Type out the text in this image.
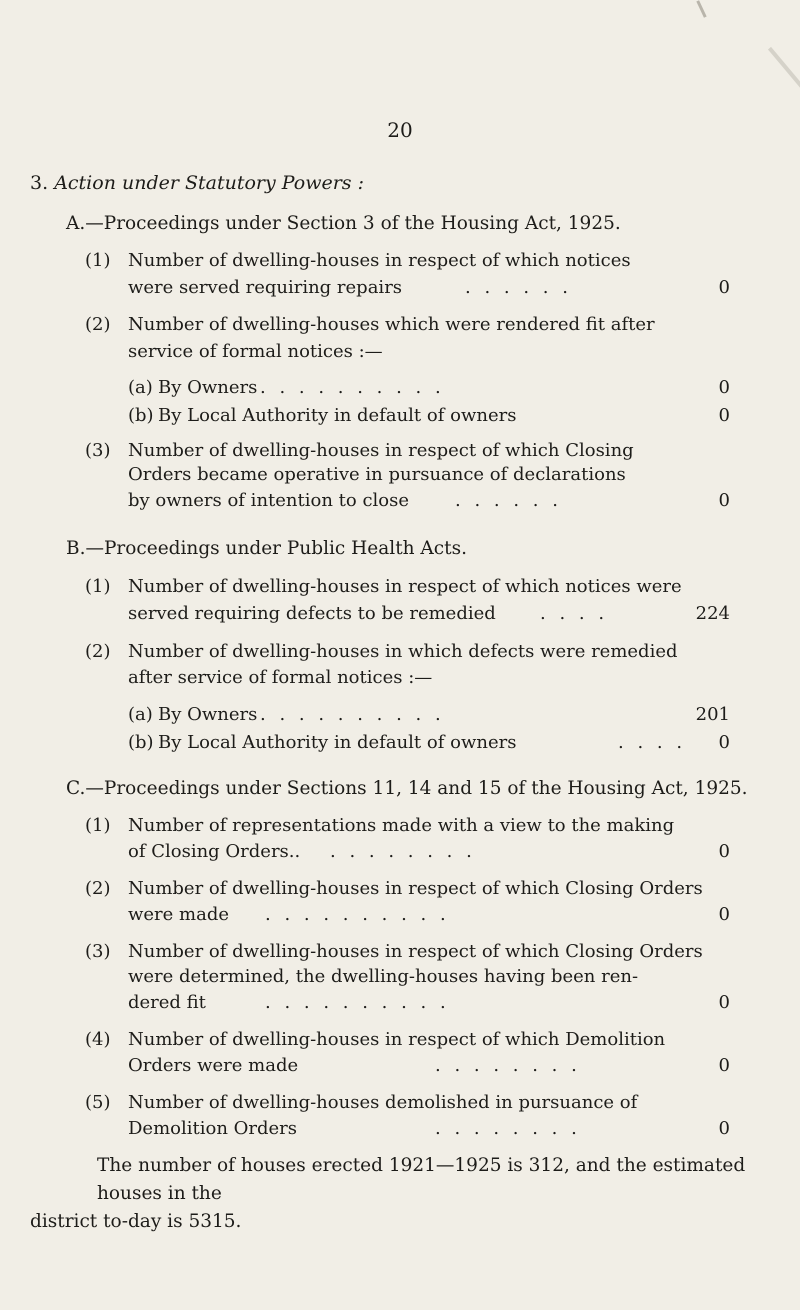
20
3. Action under Statutory Powers :
A.—Proceedings under Section 3 of the Housing Act, 1925.
(1) Number of dwelling-houses in respect of which notices
were served requiring repairs	. . . . . .	0
(2) Number of dwelling-houses which were rendered fit after
service of formal notices :—
(a) By Owners . . . . . . . . . .	0
(b) By Local Authority in default of owners	0
(3) Number of dwelling-houses in respect of which Closing
Orders became operative in pursuance of declarations
by owners of intention to close	. . . . . .	0
B.—Proceedings under Public Health Acts.
(1) Number of dwelling-houses in respect of which notices were
served requiring defects to be remedied . . . .	224
(2) Number of dwelling-houses in which defects were remedied
after service of formal notices :—
(a) By Owners . . . . . . . . . .	201
(b) By Local Authority in default of owners	. . . . 0
C.—Proceedings under Sections 11, 14 and 15 of the Housing Act, 1925.
(1) Number of representations made with a view to the making
of Closing Orders.. . . . . . . . .	0
(2) Number of dwelling-houses in respect of which Closing Orders
were made . . . . . . . . . .	0
(3) Number of dwelling-houses in respect of which Closing Orders
were determined, the dwelling-houses having been ren-
dered fit	. . . . . . . . . .	0
(4) Number of dwelling-houses in respect of which Demolition
Orders were made	. . . . . . . .	0
(5) Number of dwelling-houses demolished in pursuance of
Demolition Orders	. . . . . . . .	0
The number of houses erected 1921—1925 is 312, and the estimated houses in the
district to-day is 5315.
